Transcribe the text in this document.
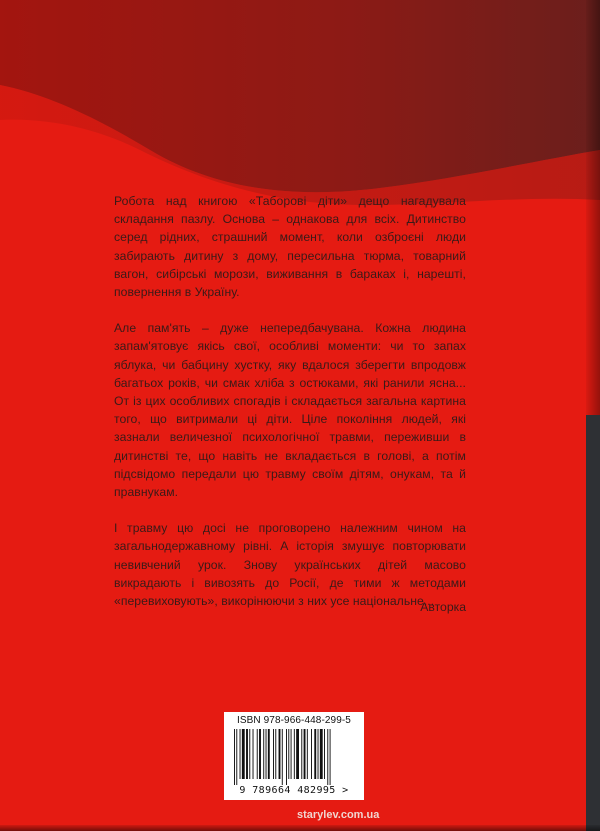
Робота над книгою «Таборові діти» дещо нагадувала складання пазлу. Основа – однакова для всіх. Дитинство серед рідних, страшний момент, коли озброєні люди забирають дитину з дому, пересильна тюрма, товарний вагон, сибірські морози, виживання в бараках і, нарешті, повернення в Україну.

Але пам'ять – дуже непередбачувана. Кожна людина запам'ятовує якісь свої, особливі моменти: чи то запах яблука, чи бабцину хустку, яку вдалося зберегти впродовж багатьох років, чи смак хліба з остюками, які ранили ясна... От із цих особливих спогадів і складається загальна картина того, що витримали ці діти. Ціле покоління людей, які зазнали величезної психологічної травми, переживши в дитинстві те, що навіть не вкладається в голові, а потім підсвідомо передали цю травму своїм дітям, онукам, та й правнукам.

І травму цю досі не проговорено належним чином на загальнодержавному рівні. А історія змушує повторювати невивчений урок. Знову українських дітей масово викрадають і вивозять до Росії, де тими ж методами «перевиховують», викорінюючи з них усе національне...

Авторка
ISBN 978-966-448-299-5
9 789664 482995 >
starylev.com.ua
